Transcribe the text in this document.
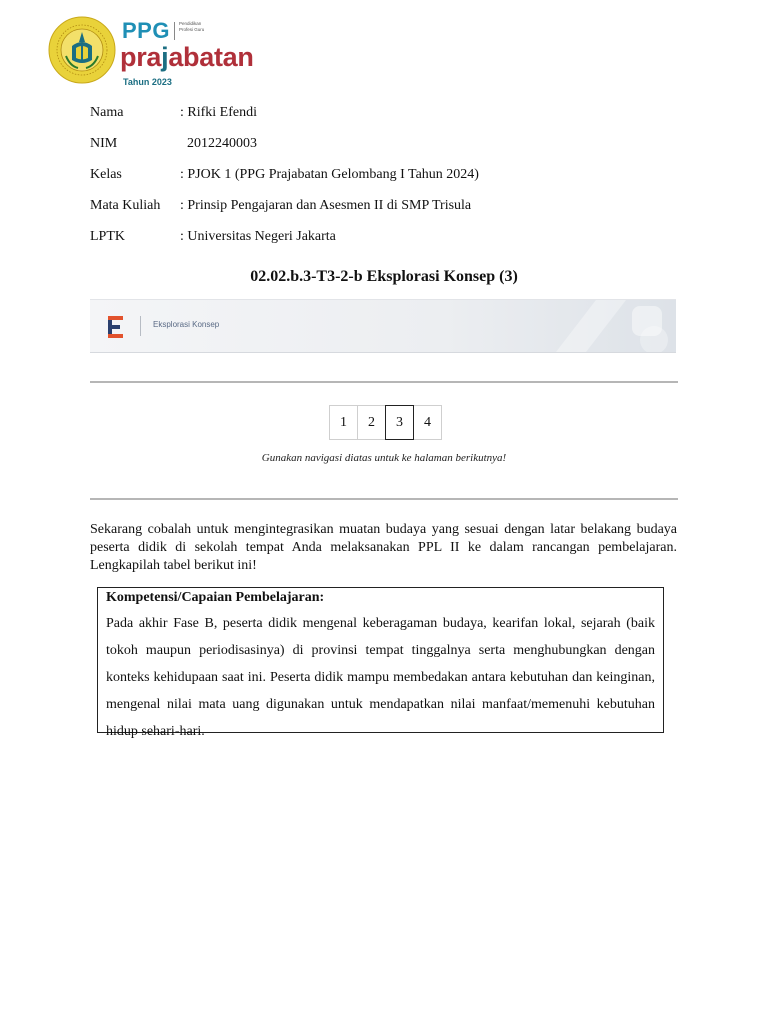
PPG Pendidikan Profesi Guru
prajabatan
Tahun 2023
Nama	: Rifki Efendi
NIM	2012240003
Kelas	: PJOK 1 (PPG Prajabatan Gelombang I Tahun 2024)
Mata Kuliah	: Prinsip Pengajaran dan Asesmen II di SMP Trisula
LPTK	: Universitas Negeri Jakarta
02.02.b.3-T3-2-b Eksplorasi Konsep (3)
Eksplorasi Konsep
1	2	3	4
Gunakan navigasi diatas untuk ke halaman berikutnya!
Sekarang cobalah untuk mengintegrasikan muatan budaya yang sesuai dengan latar belakang budaya peserta didik di sekolah tempat Anda melaksanakan PPL II ke dalam rancangan pembelajaran. Lengkapilah tabel berikut ini!
Kompetensi/Capaian Pembelajaran:
Pada akhir Fase B, peserta didik mengenal keberagaman budaya, kearifan lokal, sejarah (baik tokoh maupun periodisasinya) di provinsi tempat tinggalnya serta menghubungkan dengan konteks kehidupaan saat ini. Peserta didik mampu membedakan antara kebutuhan dan keinginan, mengenal nilai mata uang digunakan untuk mendapatkan nilai manfaat/memenuhi kebutuhan hidup sehari-hari.
